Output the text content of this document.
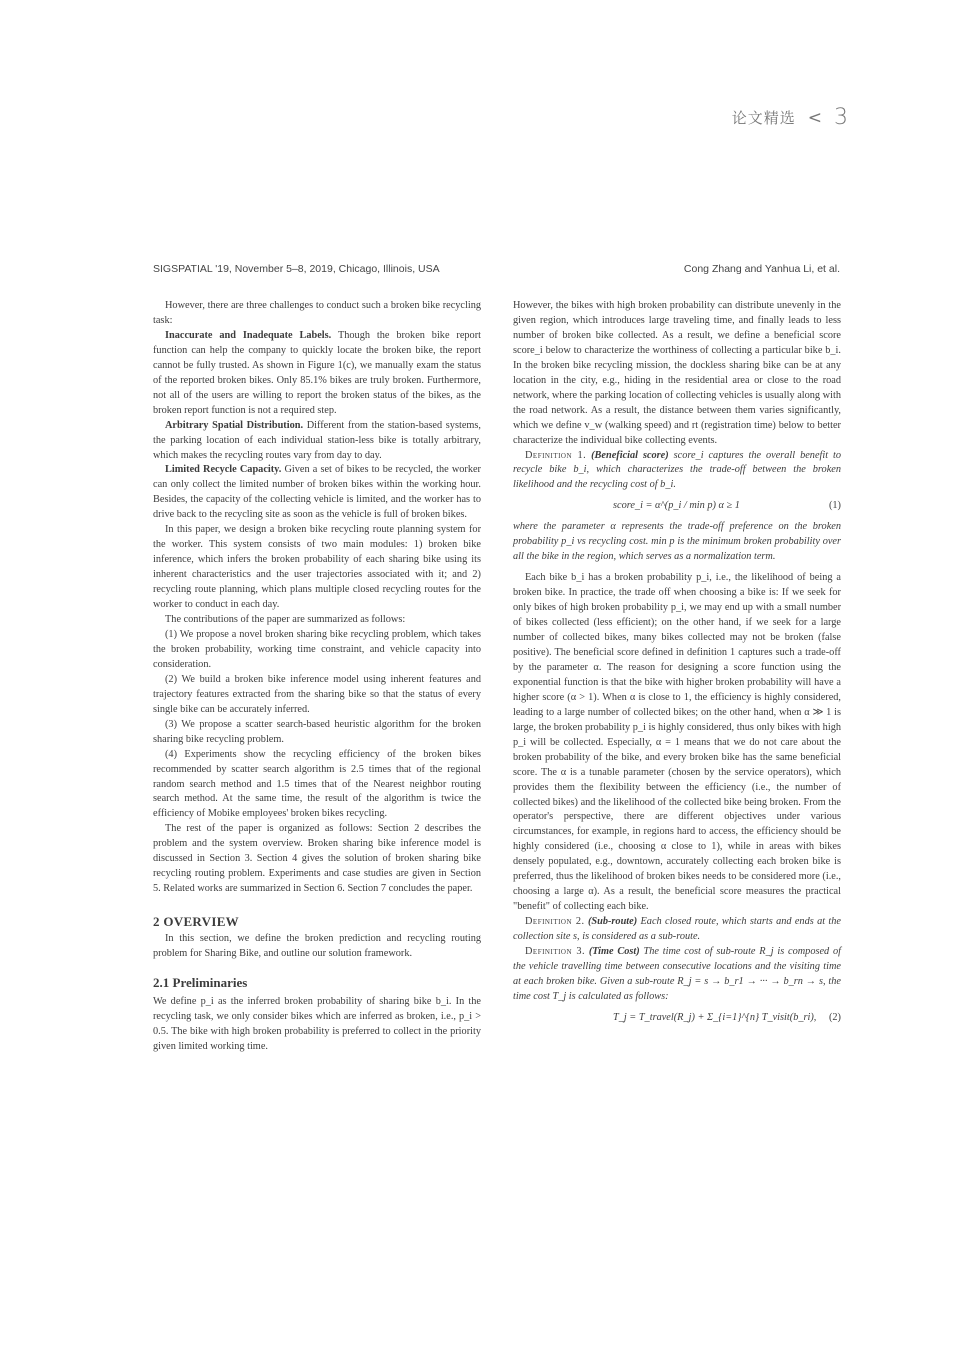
论文精选 < 3
SIGSPATIAL '19, November 5–8, 2019, Chicago, Illinois, USA	Cong Zhang and Yanhua Li, et al.

However, there are three challenges to conduct such a broken bike recycling task:

Inaccurate and Inadequate Labels. Though the broken bike report function can help the company to quickly locate the broken bike, the report cannot be fully trusted. As shown in Figure 1(c), we manually exam the status of the reported broken bikes. Only 85.1% bikes are truly broken. Furthermore, not all of the users are willing to report the broken status of the bikes, as the broken report function is not a required step.

Arbitrary Spatial Distribution. Different from the station-based systems, the parking location of each individual station-less bike is totally arbitrary, which makes the recycling routes vary from day to day.

Limited Recycle Capacity. Given a set of bikes to be recycled, the worker can only collect the limited number of broken bikes within the working hour. Besides, the capacity of the collecting vehicle is limited, and the worker has to drive back to the recycling site as soon as the vehicle is full of broken bikes.

In this paper, we design a broken bike recycling route planning system for the worker. This system consists of two main modules: 1) broken bike inference, which infers the broken probability of each sharing bike using its inherent characteristics and the user trajectories associated with it; and 2) recycling route planning, which plans multiple closed recycling routes for the worker to conduct in each day.

The contributions of the paper are summarized as follows:

(1) We propose a novel broken sharing bike recycling problem, which takes the broken probability, working time constraint, and vehicle capacity into consideration.

(2) We build a broken bike inference model using inherent features and trajectory features extracted from the sharing bike so that the status of every single bike can be accurately inferred.

(3) We propose a scatter search-based heuristic algorithm for the broken sharing bike recycling problem.

(4) Experiments show the recycling efficiency of the broken bikes recommended by scatter search algorithm is 2.5 times that of the regional random search method and 1.5 times that of the Nearest neighbor routing search method. At the same time, the result of the algorithm is twice the efficiency of Mobike employees' broken bikes recycling.

The rest of the paper is organized as follows: Section 2 describes the problem and the system overview. Broken sharing bike inference model is discussed in Section 3. Section 4 gives the solution of broken sharing bike recycling routing problem. Experiments and case studies are given in Section 5. Related works are summarized in Section 6. Section 7 concludes the paper.

2 OVERVIEW

In this section, we define the broken prediction and recycling routing problem for Sharing Bike, and outline our solution framework.

2.1 Preliminaries

We define p_i as the inferred broken probability of sharing bike b_i. In the recycling task, we only consider bikes which are inferred as broken, i.e., p_i > 0.5. The bike with high broken probability is preferred to collect in the priority given limited working time.

However, the bikes with high broken probability can distribute unevenly in the given region, which introduces large traveling time, and finally leads to less number of broken bike collected. As a result, we define a beneficial score score_i below to characterize the worthiness of collecting a particular bike b_i. In the broken bike recycling mission, the dockless sharing bike can be at any location in the city, e.g., hiding in the residential area or close to the road network, where the parking location of collecting vehicles is usually along with the road network. As a result, the distance between them varies significantly, which we define v_w (walking speed) and rt (registration time) below to better characterize the individual bike collecting events.

Definition 1. (Beneficial score) score_i captures the overall benefit to recycle bike b_i, which characterizes the trade-off between the broken likelihood and the recycling cost of b_i.

score_i = α^(p_i / min p) α ≥ 1	(1)

where the parameter α represents the trade-off preference on the broken probability p_i vs recycling cost. min p is the minimum broken probability over all the bike in the region, which serves as a normalization term.

Each bike b_i has a broken probability p_i, i.e., the likelihood of being a broken bike. In practice, the trade off when choosing a bike is: If we seek for only bikes of high broken probability p_i, we may end up with a small number of bikes collected (less efficient); on the other hand, if we seek for a large number of collected bikes, many bikes collected may not be broken (false positive). The beneficial score defined in definition 1 captures such a trade-off by the parameter α. The reason for designing a score function using the exponential function is that the bike with higher broken probability will have a higher score (α > 1). When α is close to 1, the efficiency is highly considered, leading to a large number of collected bikes; on the other hand, when α ≫ 1 is large, the broken probability p_i is highly considered, thus only bikes with high p_i will be collected. Especially, α = 1 means that we do not care about the broken probability of the bike, and every broken bike has the same beneficial score. The α is a tunable parameter (chosen by the service operators), which provides them the flexibility between the efficiency (i.e., the number of collected bikes) and the likelihood of the collected bike being broken. From the operator's perspective, there are different objectives under various circumstances, for example, in regions hard to access, the efficiency should be highly considered (i.e., choosing α close to 1), while in areas with bikes densely populated, e.g., downtown, accurately collecting each broken bike is preferred, thus the likelihood of broken bikes needs to be considered more (i.e., choosing a large α). As a result, the beneficial score measures the practical "benefit" of collecting each bike.

Definition 2. (Sub-route) Each closed route, which starts and ends at the collection site s, is considered as a sub-route.

Definition 3. (Time Cost) The time cost of sub-route R_j is composed of the vehicle travelling time between consecutive locations and the visiting time at each broken bike. Given a sub-route R_j = s → b_r1 → ··· → b_rn → s, the time cost T_j is calculated as follows:

T_j = T_travel(R_j) + Σ_{i=1}^{n} T_visit(b_ri), (2)
